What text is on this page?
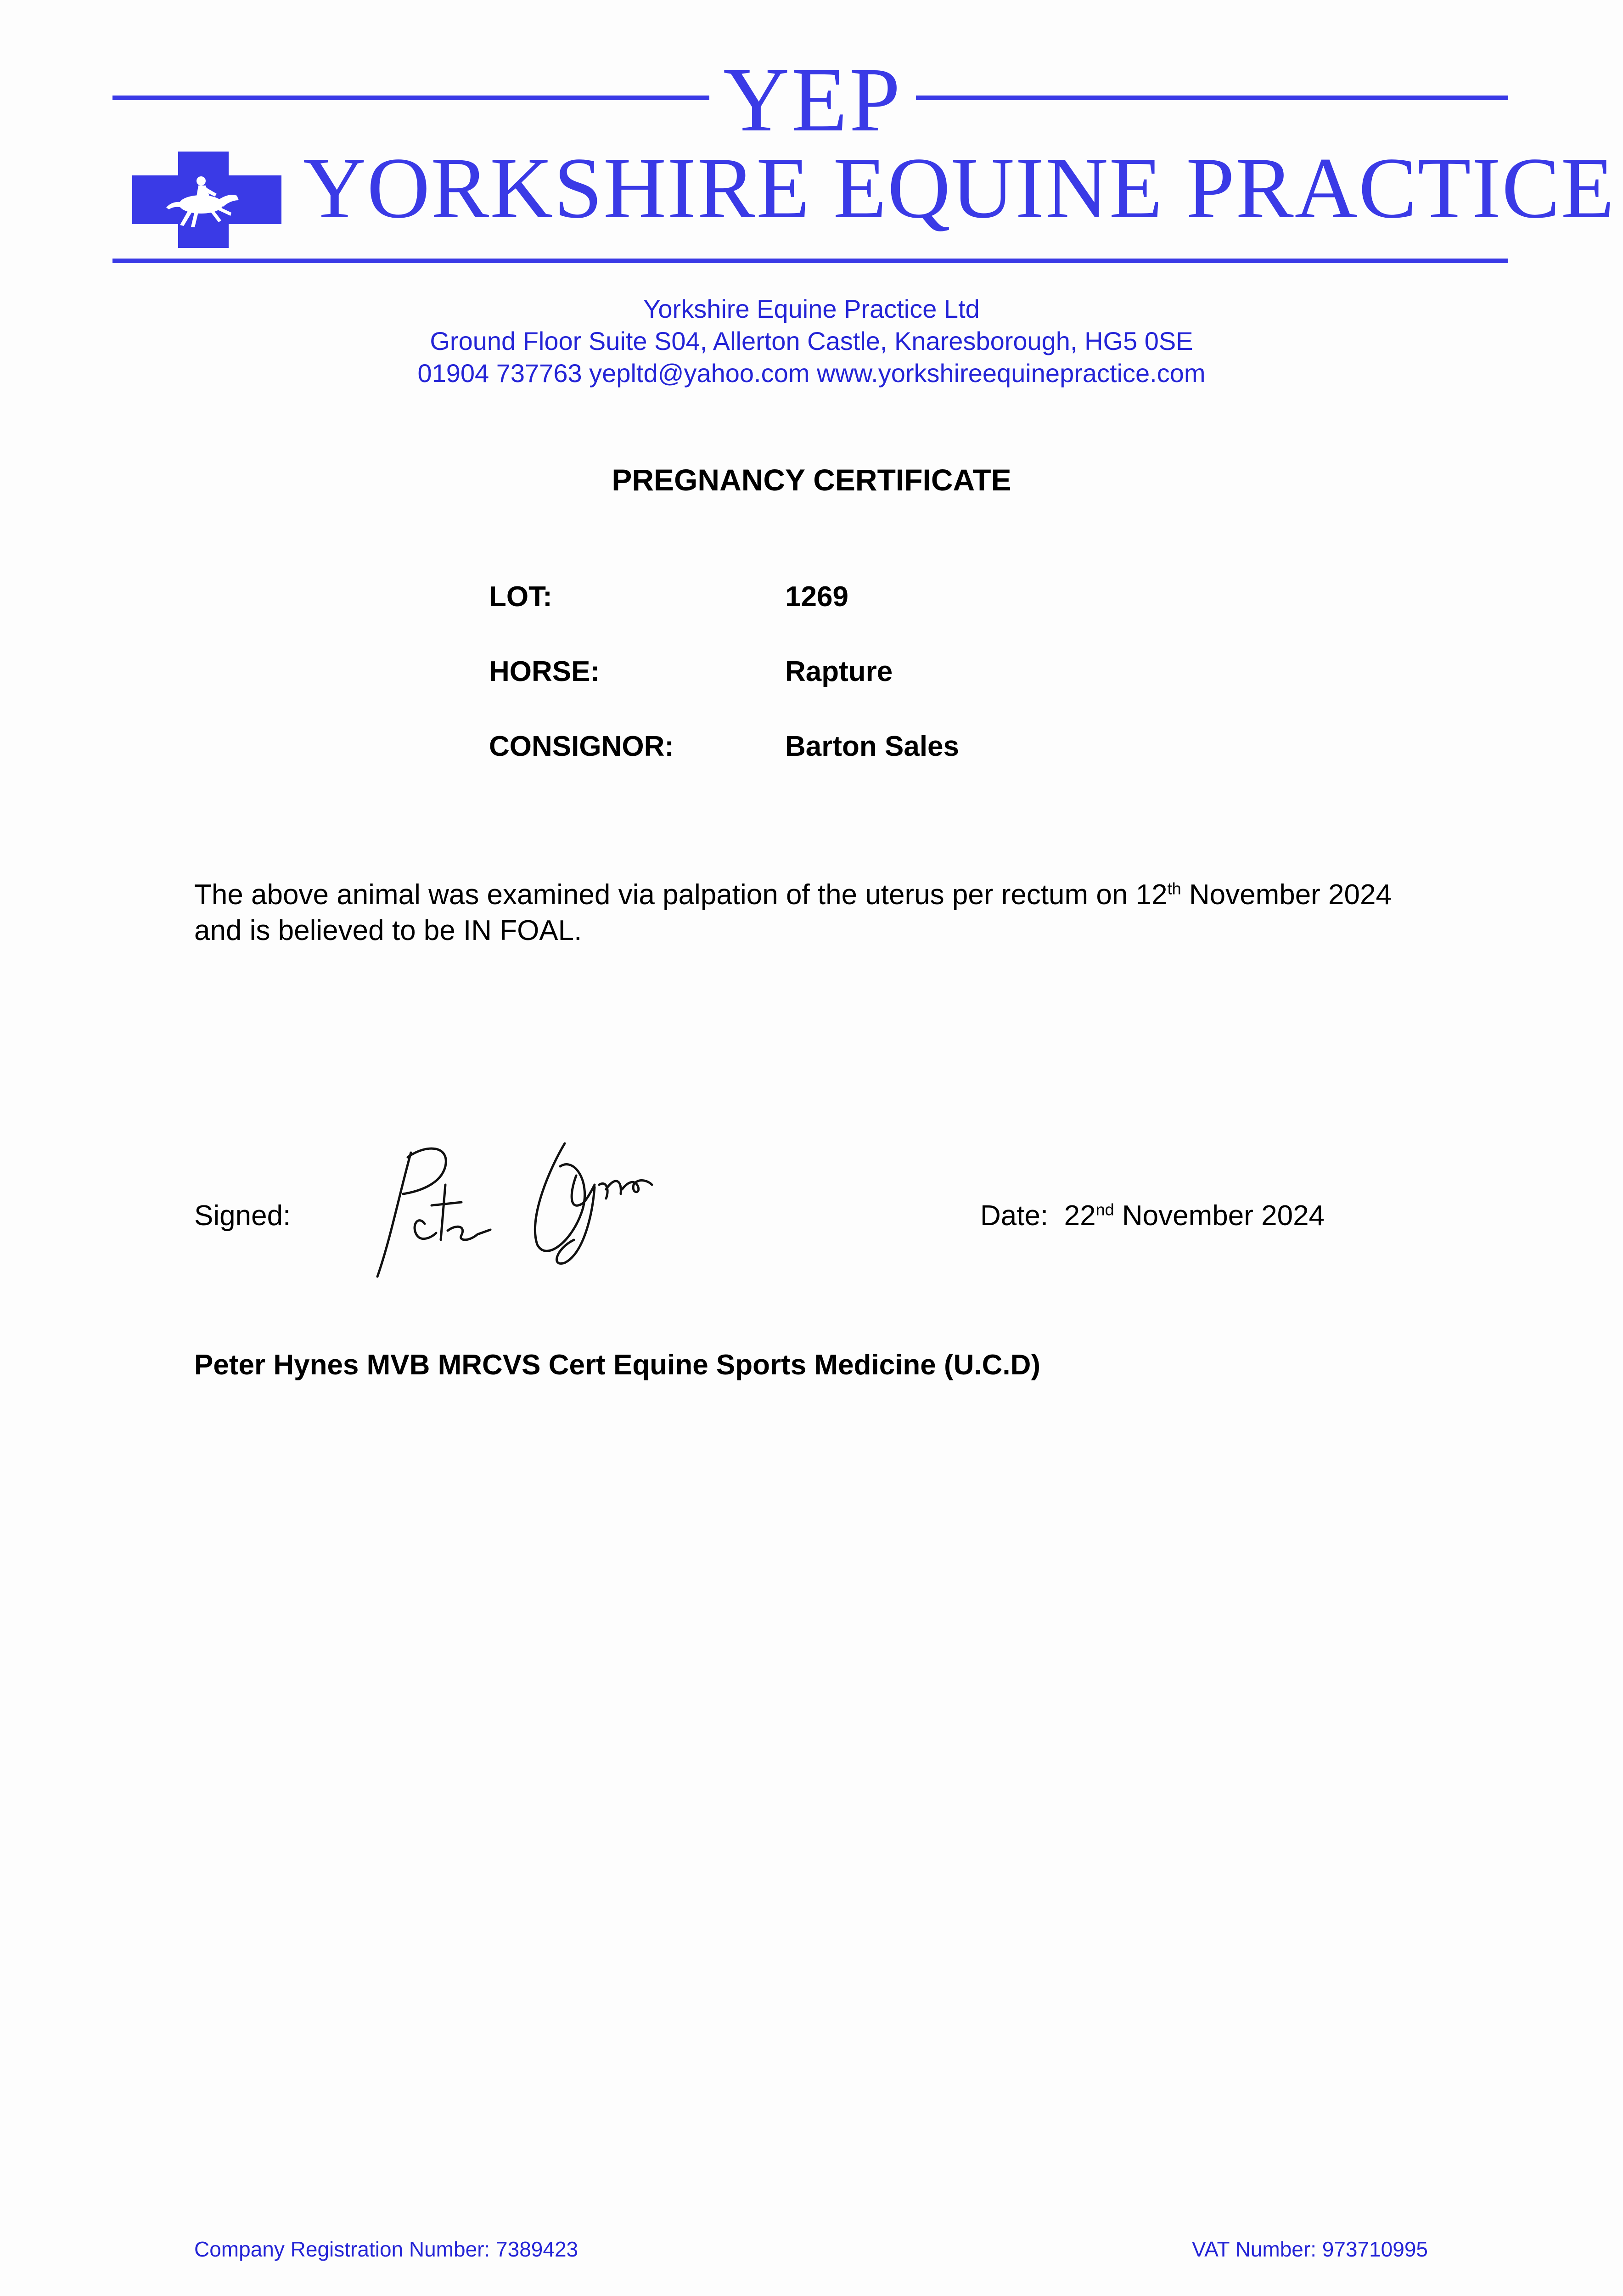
YEP
YORKSHIRE EQUINE PRACTICE
Yorkshire Equine Practice Ltd
Ground Floor Suite S04, Allerton Castle, Knaresborough, HG5 0SE
01904 737763 yepltd@yahoo.com www.yorkshireequinepractice.com
PREGNANCY CERTIFICATE
LOT:	1269
HORSE:	Rapture
CONSIGNOR:	Barton Sales
The above animal was examined via palpation of the uterus per rectum on 12th November 2024 and is believed to be IN FOAL.
Signed:	Date: 22nd November 2024
Peter Hynes MVB MRCVS Cert Equine Sports Medicine (U.C.D)
Company Registration Number: 7389423	VAT Number: 973710995
